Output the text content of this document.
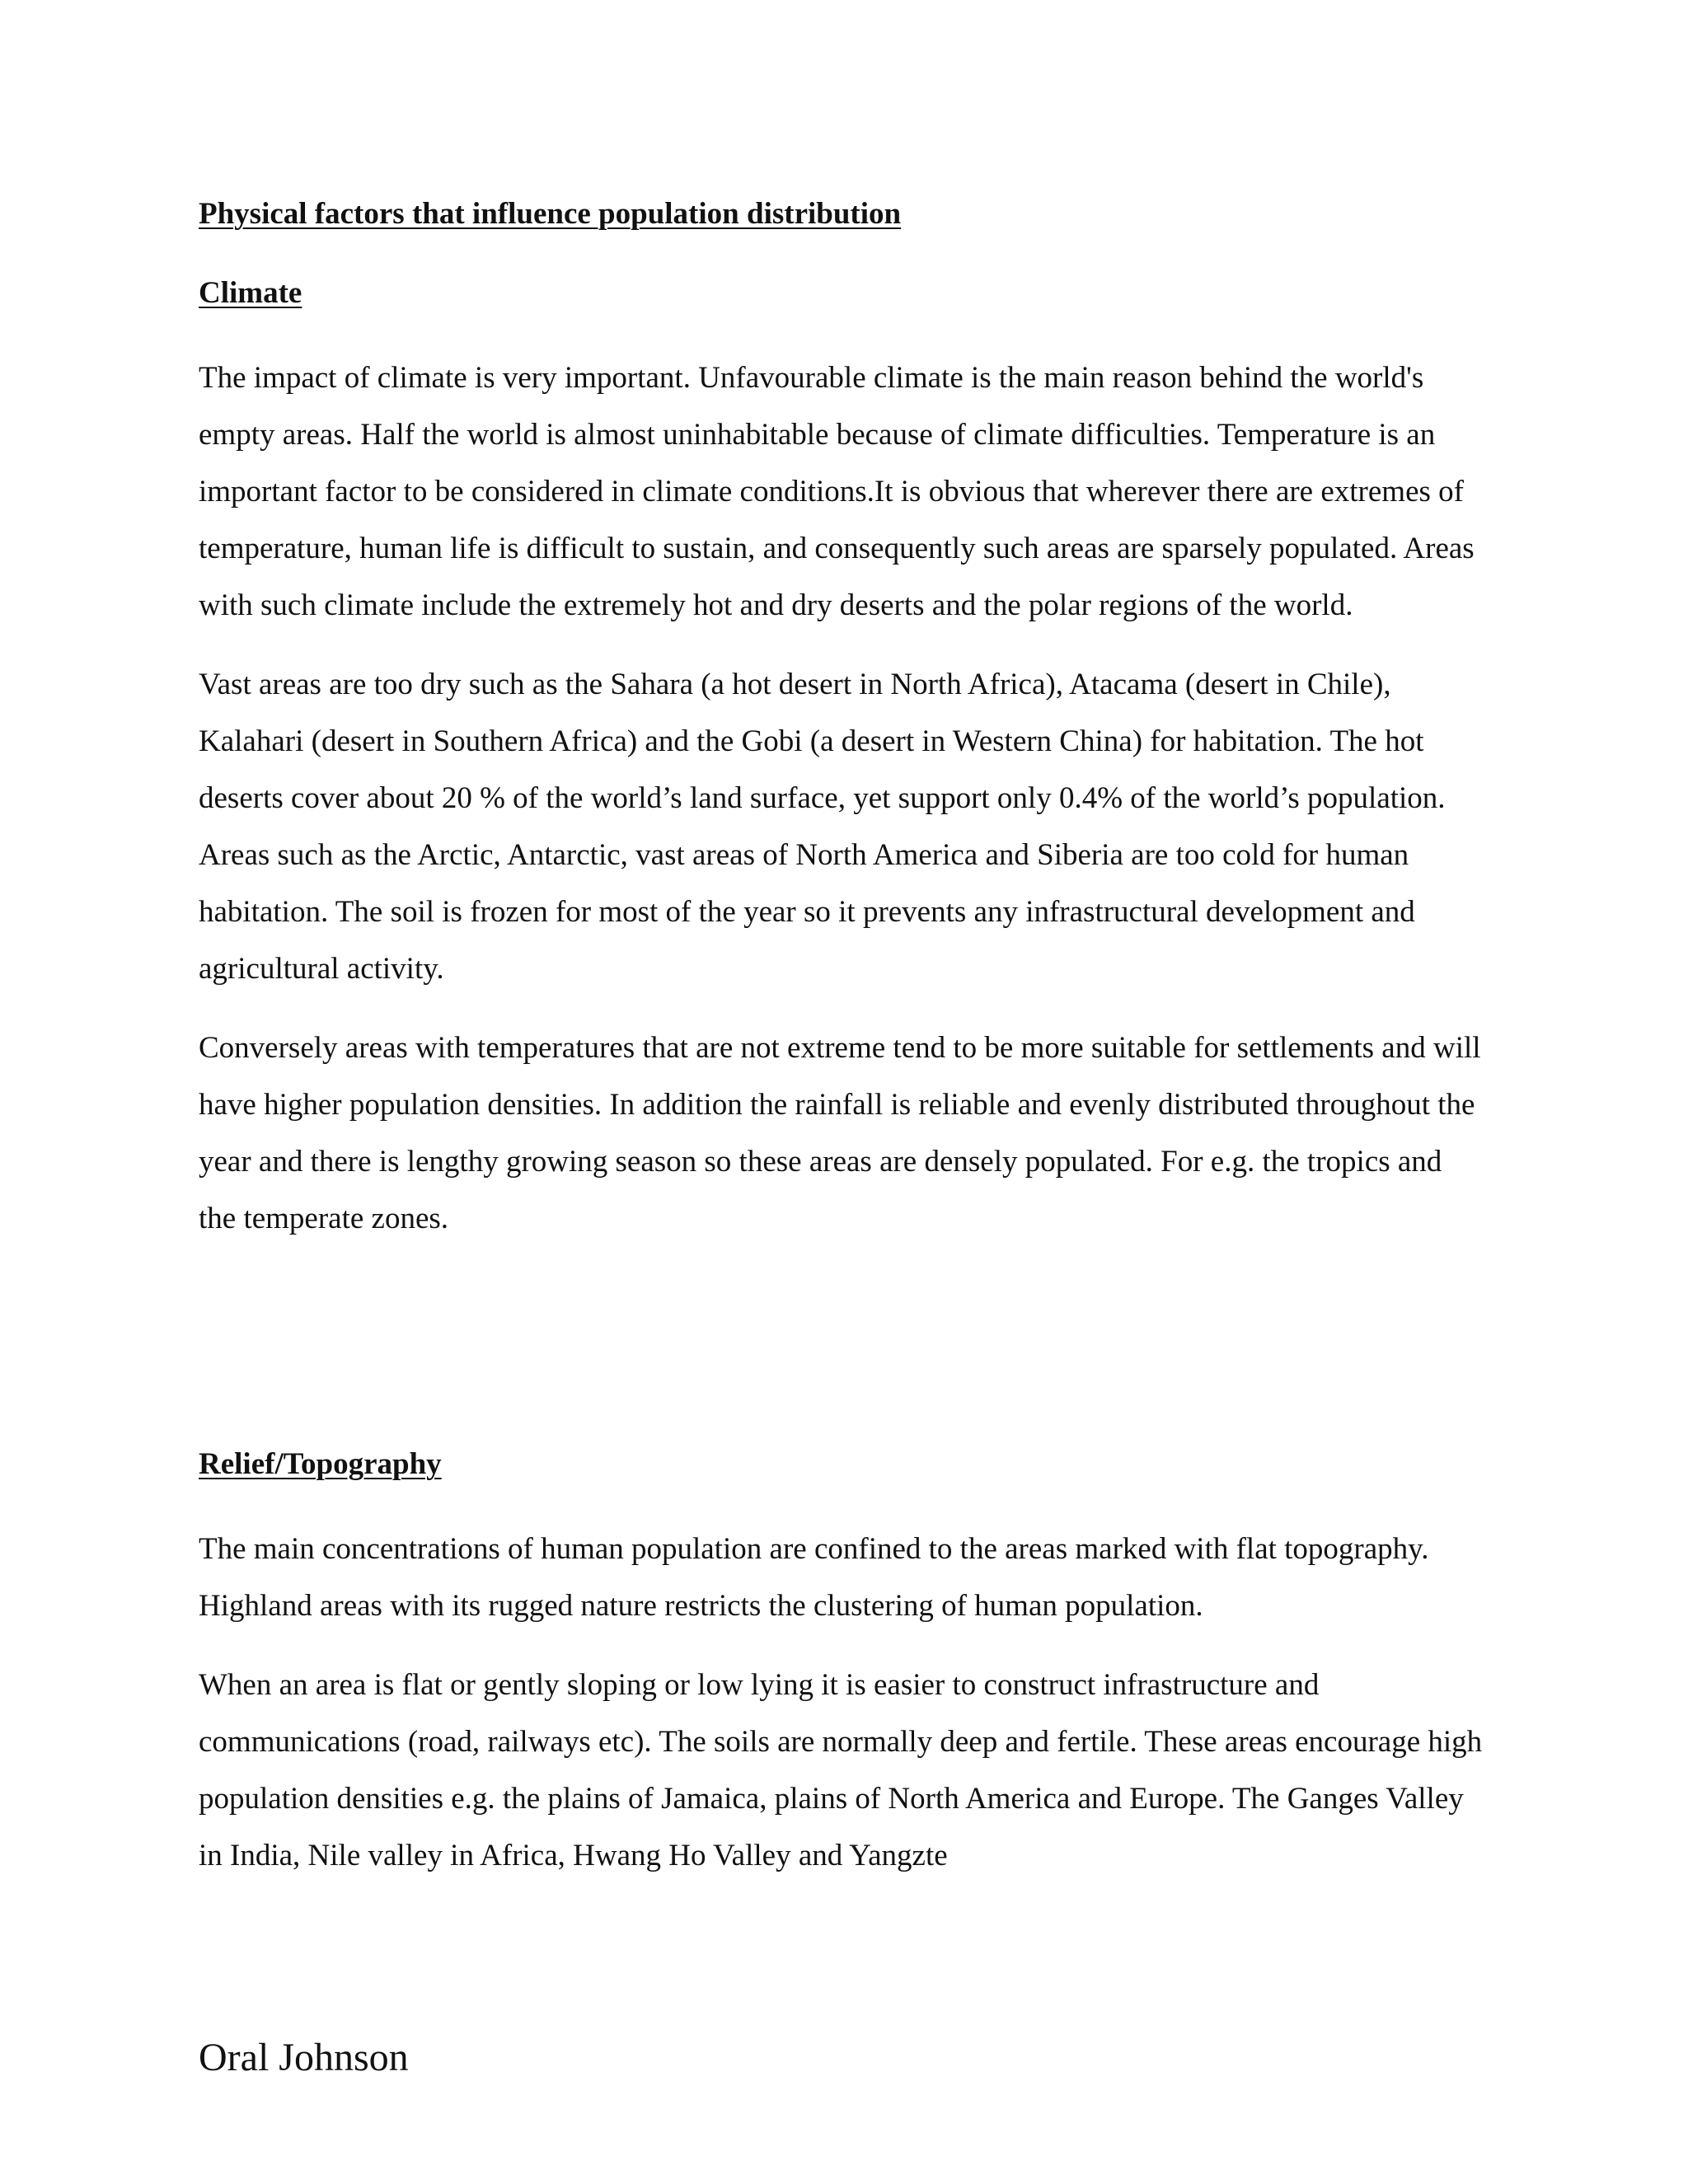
Physical factors that influence population distribution

Climate

The impact of climate is very important. Unfavourable climate is the main reason behind the world's empty areas. Half the world is almost uninhabitable because of climate difficulties. Temperature is an important factor to be considered in climate conditions.It is obvious that wherever there are extremes of temperature, human life is difficult to sustain, and consequently such areas are sparsely populated. Areas with such climate include the extremely hot and dry deserts and the polar regions of the world.

Vast areas are too dry such as the Sahara (a hot desert in North Africa), Atacama (desert in Chile), Kalahari (desert in Southern Africa) and the Gobi (a desert in Western China) for habitation. The hot deserts cover about 20 % of the world’s land surface, yet support only 0.4% of the world’s population. Areas such as the Arctic, Antarctic, vast areas of North America and Siberia are too cold for human habitation. The soil is frozen for most of the year so it prevents any infrastructural development and agricultural activity.

Conversely areas with temperatures that are not extreme tend to be more suitable for settlements and will have higher population densities. In addition the rainfall is reliable and evenly distributed throughout the year and there is lengthy growing season so these areas are densely populated. For e.g. the tropics and the temperate zones.

Relief/Topography

The main concentrations of human population are confined to the areas marked with flat topography. Highland areas with its rugged nature restricts the clustering of human population.

When an area is flat or gently sloping or low lying it is easier to construct infrastructure and communications (road, railways etc). The soils are normally deep and fertile. These areas encourage high population densities e.g. the plains of Jamaica, plains of North America and Europe. The Ganges Valley in India, Nile valley in Africa, Hwang Ho Valley and Yangzte

Oral Johnson
